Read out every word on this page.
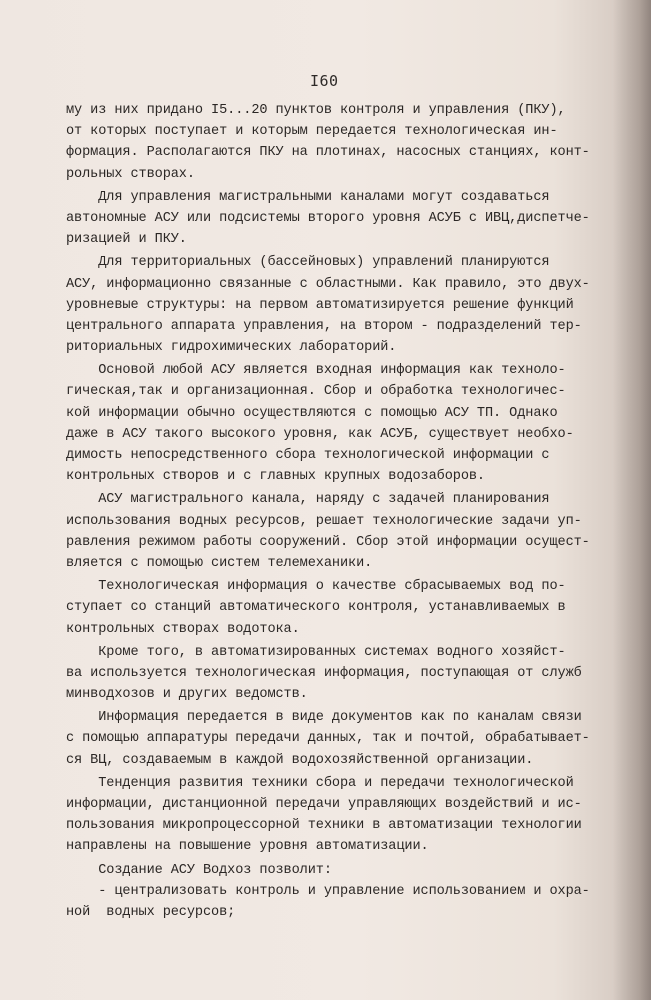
I60
му из них придано I5...20 пунктов контроля и управления (ПКУ),
от которых поступает и которым передается технологическая ин-
формация. Располагаются ПКУ на плотинах, насосных станциях, конт-
рольных створах.
Для управления магистральными каналами могут создаваться
автономные АСУ или подсистемы второго уровня АСУБ с ИВЦ,диспетче-
ризацией и ПКУ.
Для территориальных (бассейновых) управлений планируются
АСУ, информационно связанные с областными. Как правило, это двух-
уровневые структуры: на первом автоматизируется решение функций
центрального аппарата управления, на втором - подразделений тер-
риториальных гидрохимических лабораторий.
Основой любой АСУ является входная информация как техноло-
гическая,так и организационная. Сбор и обработка технологичес-
кой информации обычно осуществляются с помощью АСУ ТП. Однако
даже в АСУ такого высокого уровня, как АСУБ, существует необхо-
димость непосредственного сбора технологической информации с
контрольных створов и с главных крупных водозаборов.
АСУ магистрального канала, наряду с задачей планирования
использования водных ресурсов, решает технологические задачи уп-
равления режимом работы сооружений. Сбор этой информации осущест-
вляется с помощью систем телемеханики.
Технологическая информация о качестве сбрасываемых вод по-
ступает со станций автоматического контроля, устанавливаемых в
контрольных створах водотока.
Кроме того, в автоматизированных системах водного хозяйст-
ва используется технологическая информация, поступающая от служб
минводхозов и других ведомств.
Информация передается в виде документов как по каналам связи
с помощью аппаратуры передачи данных, так и почтой, обрабатывает-
ся ВЦ, создаваемым в каждой водохозяйственной организации.
Тенденция развития техники сбора и передачи технологической
информации, дистанционной передачи управляющих воздействий и ис-
пользования микропроцессорной техники в автоматизации технологии
направлены на повышение уровня автоматизации.
Создание АСУ Водхоз позволит:
- централизовать контроль и управление использованием и охра-
ной  водных ресурсов;
